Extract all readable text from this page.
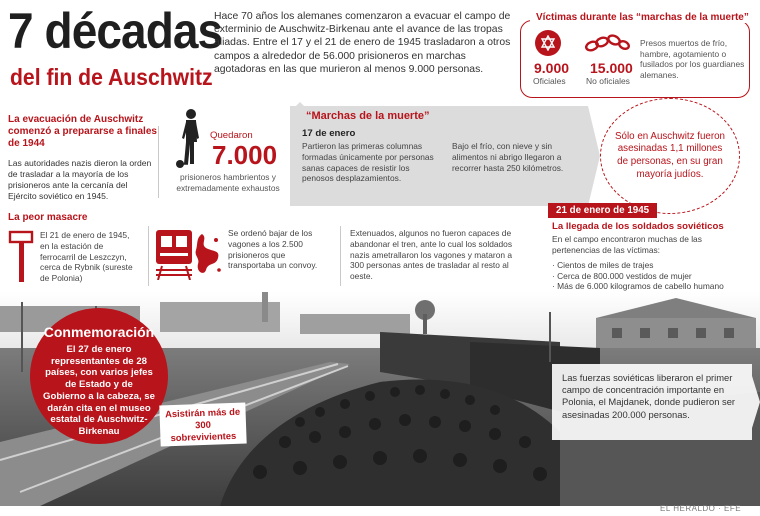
7 décadas
del fin de Auschwitz
Hace 70 años los alemanes comenzaron a evacuar el campo de exterminio de Auschwitz-Birkenau ante el avance de las tropas aliadas. Entre el 17 y el 21 de enero de 1945 trasladaron a otros campos a alrededor de 56.000 prisioneros en marchas agotadoras en las que murieron al menos 9.000 personas.
Víctimas durante las “marchas de la muerte”
9.000
Oficiales
15.000
No oficiales
Presos muertos de frío, hambre, agotamiento o fusilados por los guardianes alemanes.
La evacuación de Auschwitz comenzó a prepararse a finales de 1944
Las autoridades nazis dieron la orden de trasladar a la mayoría de los prisioneros ante la cercanía del Ejército soviético en 1945.
Quedaron
7.000
prisioneros hambrientos y extremadamente exhaustos
“Marchas de la muerte”
17 de enero
Partieron las primeras columnas formadas únicamente por personas sanas capaces de resistir los penosos desplazamientos.
Bajo el frío, con nieve y sin alimentos ni abrigo llegaron a recorrer hasta 250 kilómetros.
Sólo en Auschwitz fueron asesinadas 1,1 millones de personas, en su gran mayoría judíos.
La peor masacre
El 21 de enero de 1945, en la estación de ferrocarril de Leszczyn, cerca de Rybnik (sureste de Polonia)
Se ordenó bajar de los vagones a los 2.500 prisioneros que transportaba un convoy.
Extenuados, algunos no fueron capaces de abandonar el tren, ante lo cual los soldados nazis ametrallaron los vagones y mataron a 300 personas antes de trasladar al resto al oeste.
21 de enero de 1945
La llegada de los soldados soviéticos
En el campo encontraron muchas de las pertenencias de las víctimas:
· Cientos de miles de trajes
· Cerca de 800.000 vestidos de mujer
· Más de 6.000 kilogramos de cabello humano
Conmemoración
El 27 de enero representantes de 28 países, con varios jefes de Estado y de Gobierno a la cabeza, se darán cita en el museo estatal de Auschwitz-Birkenau
Asistirán más de 300 sobrevivientes
Las fuerzas soviéticas liberaron el primer campo de concentración importante en Polonia, el Majdanek, donde pudieron ser asesinadas 200.000 personas.
EL HERALDO · EFE
